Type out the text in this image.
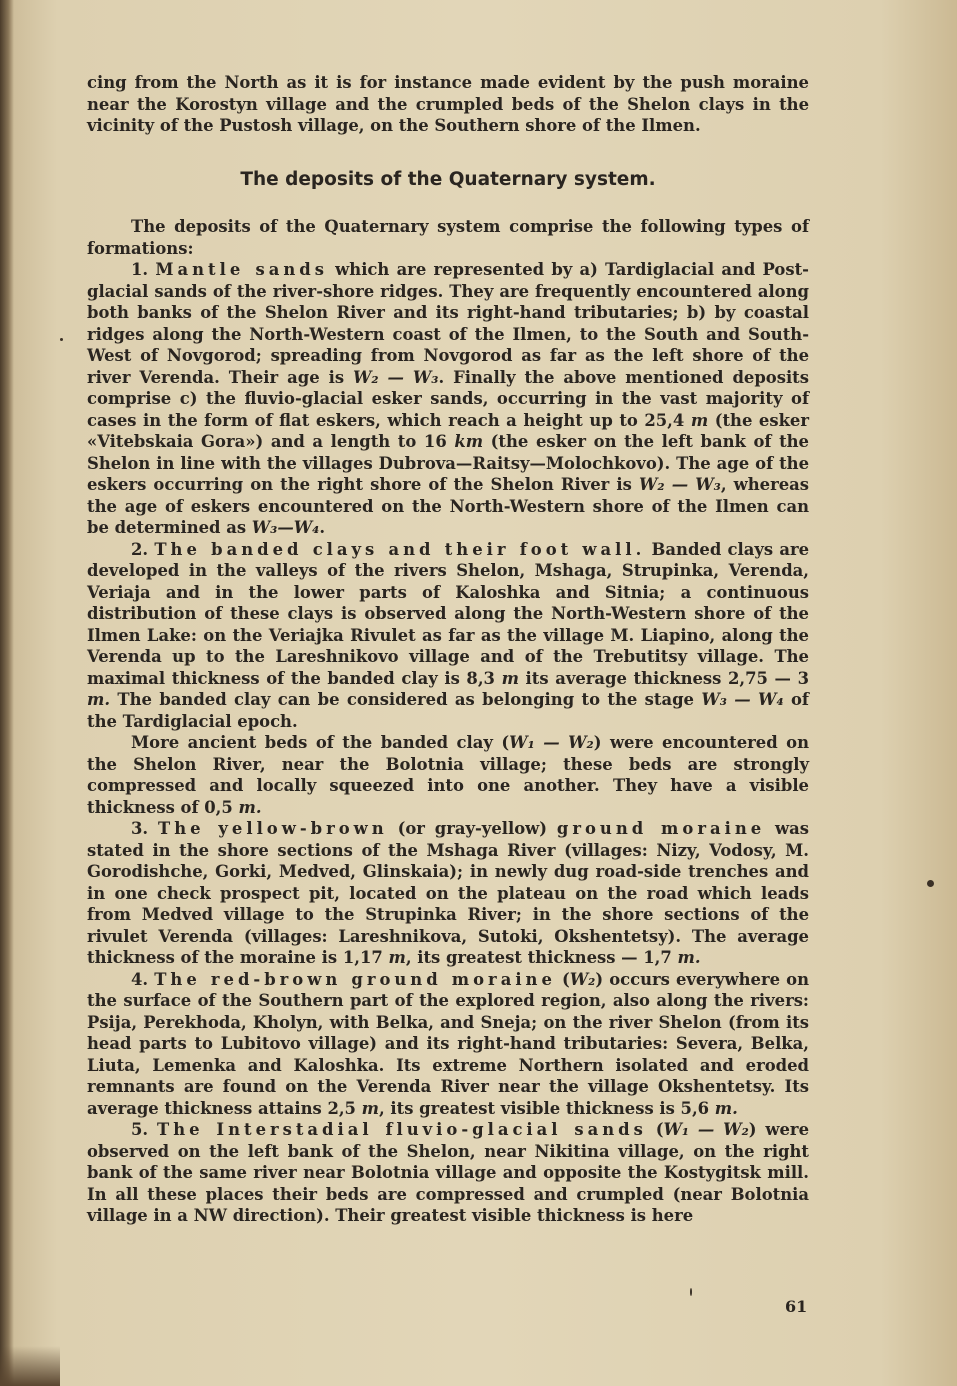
cing from the North as it is for instance made evident by the push moraine near the Korostyn village and the crumpled beds of the Shelon clays in the vicinity of the Pustosh village, on the Southern shore of the Ilmen.

The deposits of the Quaternary system.

The deposits of the Quaternary system comprise the following types of formations:

1. Mantle sands which are represented by a) Tardiglacial and Post-glacial sands of the river-shore ridges. They are frequently encountered along both banks of the Shelon River and its right-hand tributaries; b) by coastal ridges along the North-Western coast of the Ilmen, to the South and South-West of Novgorod; spreading from Novgorod as far as the left shore of the river Verenda. Their age is W₂ — W₃. Finally the above mentioned deposits comprise c) the fluvio-glacial esker sands, occurring in the vast majority of cases in the form of flat eskers, which reach a height up to 25,4 m (the esker «Vitebskaia Gora») and a length to 16 km (the esker on the left bank of the Shelon in line with the villages Dubrova—Raitsy—Molochkovo). The age of the eskers occurring on the right shore of the Shelon River is W₂ — W₃, whereas the age of eskers encountered on the North-Western shore of the Ilmen can be determined as W₃—W₄.

2. The banded clays and their foot wall. Banded clays are developed in the valleys of the rivers Shelon, Mshaga, Strupinka, Verenda, Veriaja and in the lower parts of Kaloshka and Sitnia; a continuous distribution of these clays is observed along the North-Western shore of the Ilmen Lake: on the Veriajka Rivulet as far as the village M. Liapino, along the Verenda up to the Lareshnikovo village and of the Trebutitsy village. The maximal thickness of the banded clay is 8,3 m its average thickness 2,75 — 3 m. The banded clay can be considered as belonging to the stage W₃ — W₄ of the Tardiglacial epoch.

More ancient beds of the banded clay (W₁ — W₂) were encountered on the Shelon River, near the Bolotnia village; these beds are strongly compressed and locally squeezed into one another. They have a visible thickness of 0,5 m.

3. The yellow-brown (or gray-yellow) ground moraine was stated in the shore sections of the Mshaga River (villages: Nizy, Vodosy, M. Gorodishche, Gorki, Medved, Glinskaia); in newly dug road-side trenches and in one check prospect pit, located on the plateau on the road which leads from Medved village to the Strupinka River; in the shore sections of the rivulet Verenda (villages: Lareshnikova, Sutoki, Okshentetsy). The average thickness of the moraine is 1,17 m, its greatest thickness — 1,7 m.

4. The red-brown ground moraine (W₂) occurs everywhere on the surface of the Southern part of the explored region, also along the rivers: Psija, Perekhoda, Kholyn, with Belka, and Sneja; on the river Shelon (from its head parts to Lubitovo village) and its right-hand tributaries: Severa, Belka, Liuta, Lemenka and Kaloshka. Its extreme Northern isolated and eroded remnants are found on the Verenda River near the village Okshentetsy. Its average thickness attains 2,5 m, its greatest visible thickness is 5,6 m.

5. The Interstadial fluvio-glacial sands (W₁ — W₂) were observed on the left bank of the Shelon, near Nikitina village, on the right bank of the same river near Bolotnia village and opposite the Kostygitsk mill. In all these places their beds are compressed and crumpled (near Bolotnia village in a NW direction). Their greatest visible thickness is here

61
